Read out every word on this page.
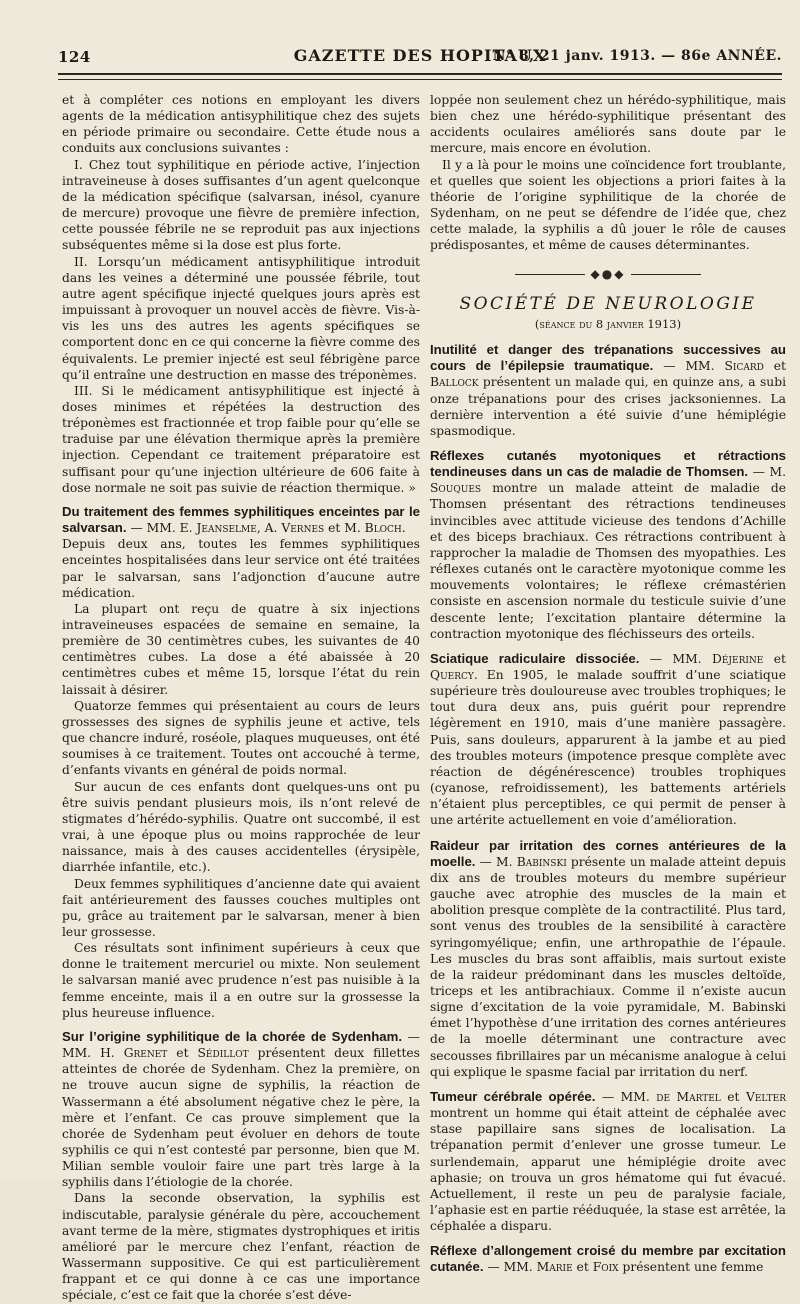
124	GAZETTE DES HOPITAUX
N° 8, 21 janv. 1913. — 86e ANNÉE.

et à compléter ces notions en employant les divers agents de la médication antisyphilitique chez des sujets en période primaire ou secondaire. Cette étude nous a conduits aux conclusions suivantes :

I. Chez tout syphilitique en période active, l’injection intraveineuse à doses suffisantes d’un agent quelconque de la médication spécifique (salvarsan, inésol, cyanure de mercure) provoque une fièvre de première infection, cette poussée fébrile ne se reproduit pas aux injections subséquentes même si la dose est plus forte.

II. Lorsqu’un médicament antisyphilitique introduit dans les veines a déterminé une poussée fébrile, tout autre agent spécifique injecté quelques jours après est impuissant à provoquer un nouvel accès de fièvre. Vis-à-vis les uns des autres les agents spécifiques se comportent donc en ce qui concerne la fièvre comme des équivalents. Le premier injecté est seul fébrigène parce qu’il entraîne une destruction en masse des tréponèmes.

III. Si le médicament antisyphilitique est injecté à doses minimes et répétées la destruction des tréponèmes est fractionnée et trop faible pour qu’elle se traduise par une élévation thermique après la première injection. Cependant ce traitement préparatoire est suffisant pour qu’une injection ultérieure de 606 faite à dose normale ne soit pas suivie de réaction thermique. »

Du traitement des femmes syphilitiques enceintes par le salvarsan. — MM. E. Jeanselme, A. Vernes et M. Bloch.

Depuis deux ans, toutes les femmes syphilitiques enceintes hospitalisées dans leur service ont été traitées par le salvarsan, sans l’adjonction d’aucune autre médication.

La plupart ont reçu de quatre à six injections intraveineuses espacées de semaine en semaine, la première de 30 centimètres cubes, les suivantes de 40 centimètres cubes. La dose a été abaissée à 20 centimètres cubes et même 15, lorsque l’état du rein laissait à désirer.

Quatorze femmes qui présentaient au cours de leurs grossesses des signes de syphilis jeune et active, tels que chancre induré, roséole, plaques muqueuses, ont été soumises à ce traitement. Toutes ont accouché à terme, d’enfants vivants en général de poids normal.

Sur aucun de ces enfants dont quelques-uns ont pu être suivis pendant plusieurs mois, ils n’ont relevé de stigmates d’hérédo-syphilis. Quatre ont succombé, il est vrai, à une époque plus ou moins rapprochée de leur naissance, mais à des causes accidentelles (érysipèle, diarrhée infantile, etc.).

Deux femmes syphilitiques d’ancienne date qui avaient fait antérieurement des fausses couches multiples ont pu, grâce au traitement par le salvarsan, mener à bien leur grossesse.

Ces résultats sont infiniment supérieurs à ceux que donne le traitement mercuriel ou mixte. Non seulement le salvarsan manié avec prudence n’est pas nuisible à la femme enceinte, mais il a en outre sur la grossesse la plus heureuse influence.

Sur l’origine syphilitique de la chorée de Sydenham. — MM. H. Grenet et Sédillot présentent deux fillettes atteintes de chorée de Sydenham. Chez la première, on ne trouve aucun signe de syphilis, la réaction de Wassermann a été absolument négative chez le père, la mère et l’enfant. Ce cas prouve simplement que la chorée de Sydenham peut évoluer en dehors de toute syphilis ce qui n’est contesté par personne, bien que M. Milian semble vouloir faire une part très large à la syphilis dans l’étiologie de la chorée.

Dans la seconde observation, la syphilis est indiscutable, paralysie générale du père, accouchement avant terme de la mère, stigmates dystrophiques et iritis amélioré par le mercure chez l’enfant, réaction de Wassermann suppositive. Ce qui est particulièrement frappant et ce qui donne à ce cas une importance spéciale, c’est ce fait que la chorée s’est déve-

loppée non seulement chez un hérédo-syphilitique, mais bien chez une hérédo-syphilitique présentant des accidents oculaires améliorés sans doute par le mercure, mais encore en évolution.

Il y a là pour le moins une coïncidence fort troublante, et quelles que soient les objections a priori faites à la théorie de l’origine syphilitique de la chorée de Sydenham, on ne peut se défendre de l’idée que, chez cette malade, la syphilis a dû jouer le rôle de causes prédisposantes, et même de causes déterminantes.

◆●◆
SOCIÉTÉ DE NEUROLOGIE
(séance du 8 janvier 1913)

Inutilité et danger des trépanations successives au cours de l’épilepsie traumatique. — MM. Sicard et Ballock présentent un malade qui, en quinze ans, a subi onze trépanations pour des crises jacksoniennes. La dernière intervention a été suivie d’une hémiplégie spasmodique.

Réflexes cutanés myotoniques et rétractions tendineuses dans un cas de maladie de Thomsen. — M. Souques montre un malade atteint de maladie de Thomsen présentant des rétractions tendineuses invincibles avec attitude vicieuse des tendons d’Achille et des biceps brachiaux. Ces rétractions contribuent à rapprocher la maladie de Thomsen des myopathies. Les réflexes cutanés ont le caractère myotonique comme les mouvements volontaires; le réflexe crémastérien consiste en ascension normale du testicule suivie d’une descente lente; l’excitation plantaire détermine la contraction myotonique des fléchisseurs des orteils.

Sciatique radiculaire dissociée. — MM. Déjerine et Quercy. En 1905, le malade souffrit d’une sciatique supérieure très douloureuse avec troubles trophiques; le tout dura deux ans, puis guérit pour reprendre légèrement en 1910, mais d’une manière passagère. Puis, sans douleurs, apparurent à la jambe et au pied des troubles moteurs (impotence presque complète avec réaction de dégénérescence) troubles trophiques (cyanose, refroidissement), les battements artériels n’étaient plus perceptibles, ce qui permit de penser à une artérite actuellement en voie d’amélioration.

Raideur par irritation des cornes antérieures de la moelle. — M. Babinski présente un malade atteint depuis dix ans de troubles moteurs du membre supérieur gauche avec atrophie des muscles de la main et abolition presque complète de la contractilité. Plus tard, sont venus des troubles de la sensibilité à caractère syringomyélique; enfin, une arthropathie de l’épaule. Les muscles du bras sont affaiblis, mais surtout existe de la raideur prédominant dans les muscles deltoïde, triceps et les antibrachiaux. Comme il n’existe aucun signe d’excitation de la voie pyramidale, M. Babinski émet l’hypothèse d’une irritation des cornes antérieures de la moelle déterminant une contracture avec secousses fibrillaires par un mécanisme analogue à celui qui explique le spasme facial par irritation du nerf.

Tumeur cérébrale opérée. — MM. de Martel et Velter montrent un homme qui était atteint de céphalée avec stase papillaire sans signes de localisation. La trépanation permit d’enlever une grosse tumeur. Le surlendemain, apparut une hémiplégie droite avec aphasie; on trouva un gros hématome qui fut évacué. Actuellement, il reste un peu de paralysie faciale, l’aphasie est en partie rééduquée, la stase est arrêtée, la céphalée a disparu.

Réflexe d’allongement croisé du membre par excitation cutanée. — MM. Marie et Foix présentent une femme
